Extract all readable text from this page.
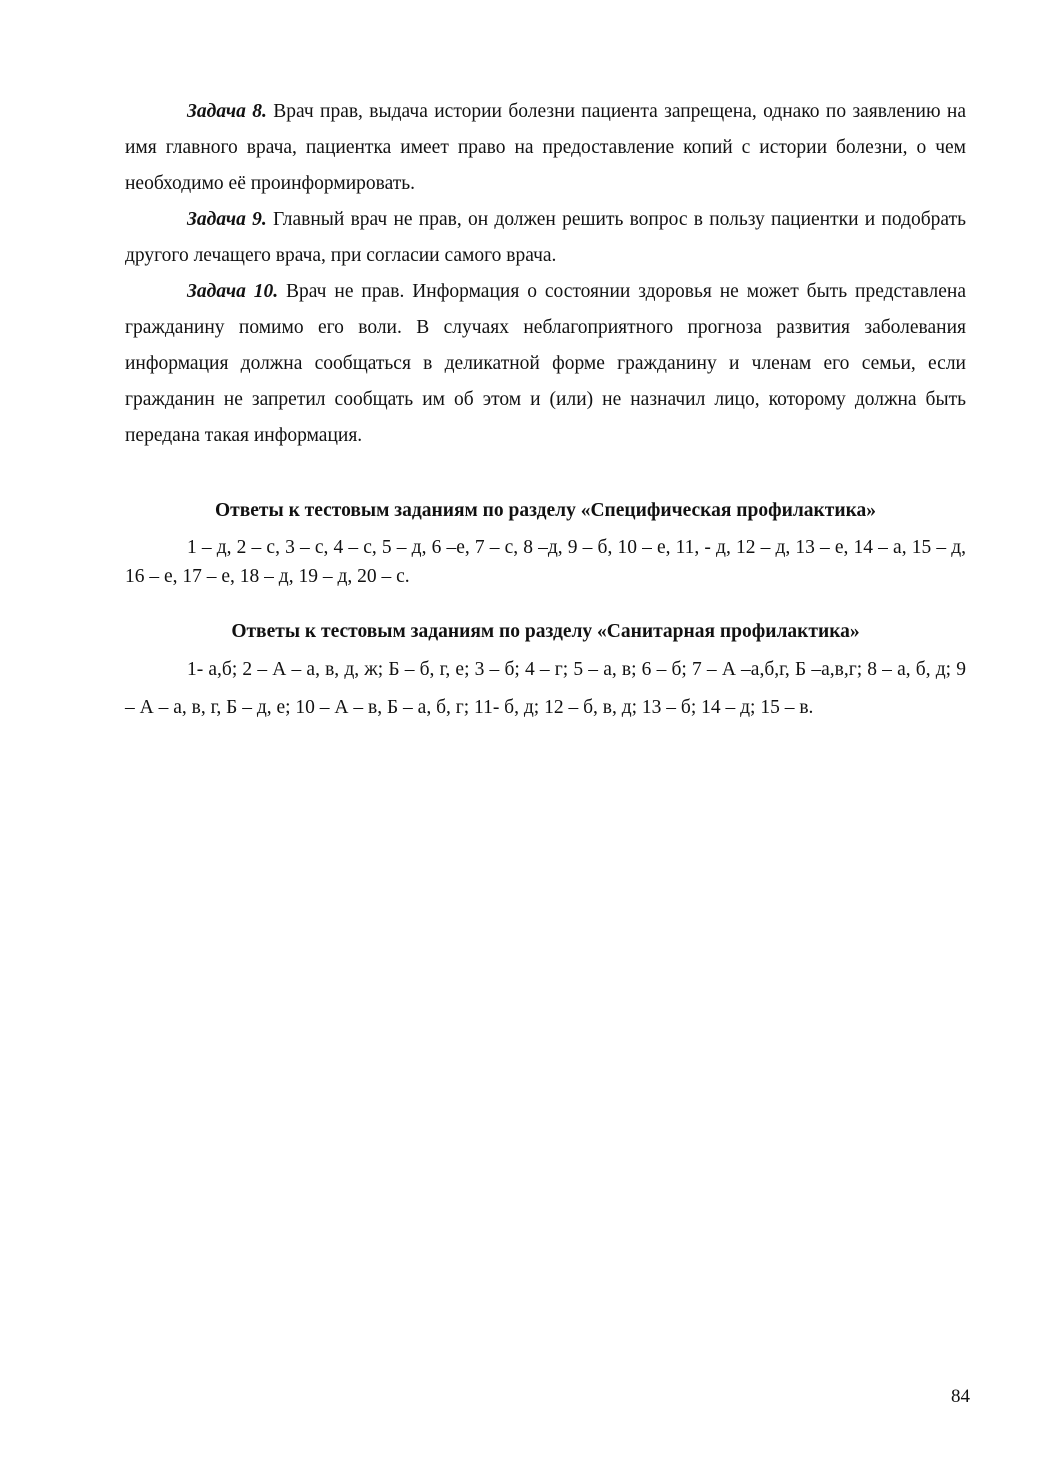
Задача 8. Врач прав, выдача истории болезни пациента запрещена, однако по заявлению на имя главного врача, пациентка имеет право на предоставление копий с истории болезни, о чем необходимо её проинформировать.

Задача 9. Главный врач не прав, он должен решить вопрос в пользу пациентки и подобрать другого лечащего врача, при согласии самого врача.

Задача 10. Врач не прав. Информация о состоянии здоровья не может быть представлена гражданину помимо его воли. В случаях неблагоприятного прогноза развития заболевания информация должна сообщаться в деликатной форме гражданину и членам его семьи, если гражданин не запретил сообщать им об этом и (или) не назначил лицо, которому должна быть передана такая информация.

Ответы к тестовым заданиям по разделу «Специфическая профилактика»

1 – д, 2 – с, 3 – с, 4 – с, 5 – д, 6 –е, 7 – с, 8 –д, 9 – б, 10 – е, 11, - д, 12 – д, 13 – е, 14 – а, 15 – д, 16 – е, 17 – е, 18 – д, 19 – д, 20 – с.

Ответы к тестовым заданиям по разделу «Санитарная профилактика»

1- а,б; 2 – А – а, в, д, ж; Б – б, г, е; 3 – б; 4 – г; 5 – а, в; 6 – б; 7 – А –а,б,г, Б –а,в,г; 8 – а, б, д; 9 – А – а, в, г, Б – д, е; 10 – А – в, Б – а, б, г; 11- б, д; 12 – б, в, д; 13 – б; 14 – д; 15 – в.

84
